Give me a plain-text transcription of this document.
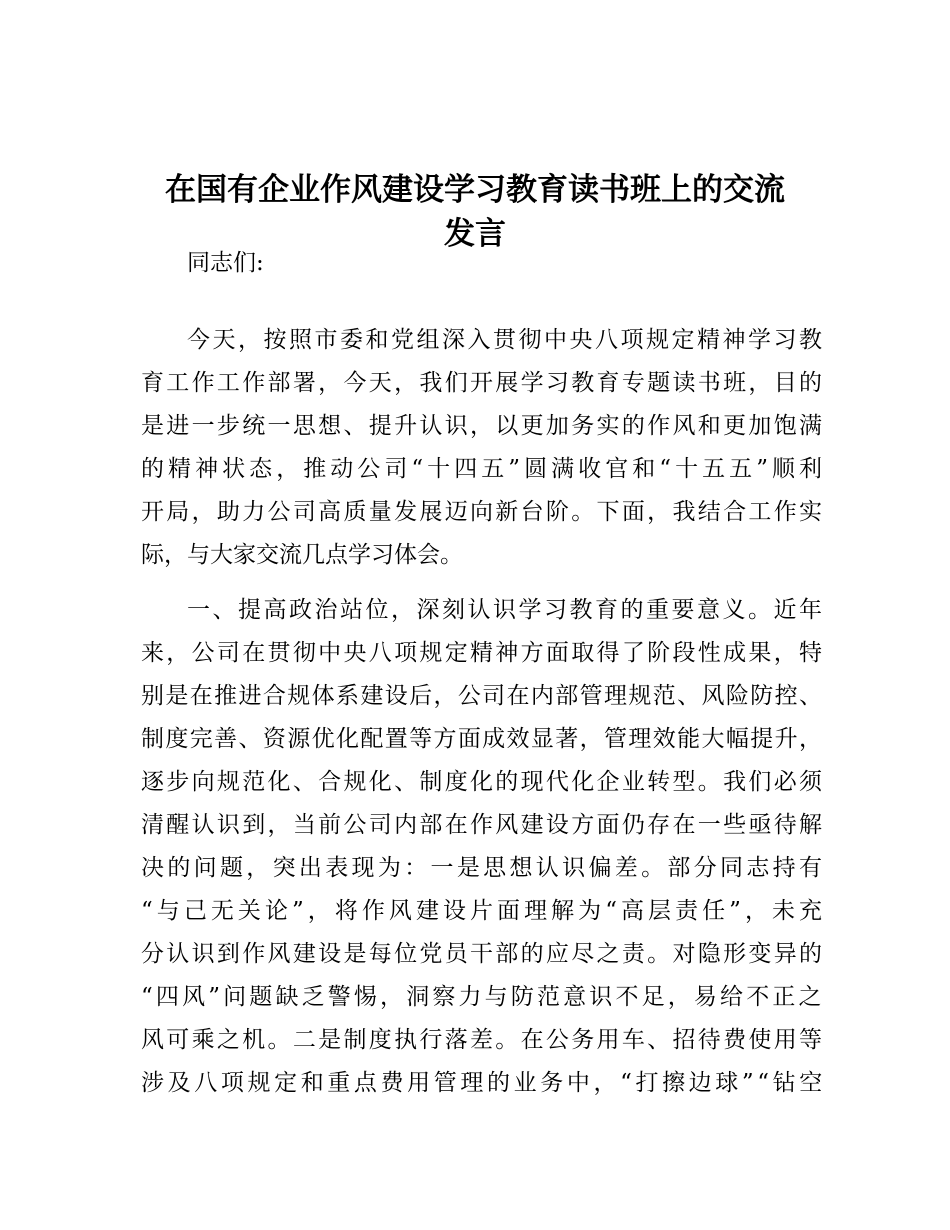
在国有企业作风建设学习教育读书班上的交流
发言
同志们:
今天，按照市委和党组深入贯彻中央八项规定精神学习教
育工作工作部署，今天，我们开展学习教育专题读书班，目的
是进一步统一思想、提升认识，以更加务实的作风和更加饱满
的精神状态，推动公司“十四五”圆满收官和“十五五”顺利
开局，助力公司高质量发展迈向新台阶。下面，我结合工作实
际，与大家交流几点学习体会。
一、提高政治站位，深刻认识学习教育的重要意义。近年
来，公司在贯彻中央八项规定精神方面取得了阶段性成果，特
别是在推进合规体系建设后，公司在内部管理规范、风险防控、
制度完善、资源优化配置等方面成效显著，管理效能大幅提升，
逐步向规范化、合规化、制度化的现代化企业转型。我们必须
清醒认识到，当前公司内部在作风建设方面仍存在一些亟待解
决的问题，突出表现为：一是思想认识偏差。部分同志持有
“与己无关论”，将作风建设片面理解为“高层责任”，未充
分认识到作风建设是每位党员干部的应尽之责。对隐形变异的
“四风”问题缺乏警惕，洞察力与防范意识不足，易给不正之
风可乘之机。二是制度执行落差。在公务用车、招待费使用等
涉及八项规定和重点费用管理的业务中，“打擦边球”“钻空
